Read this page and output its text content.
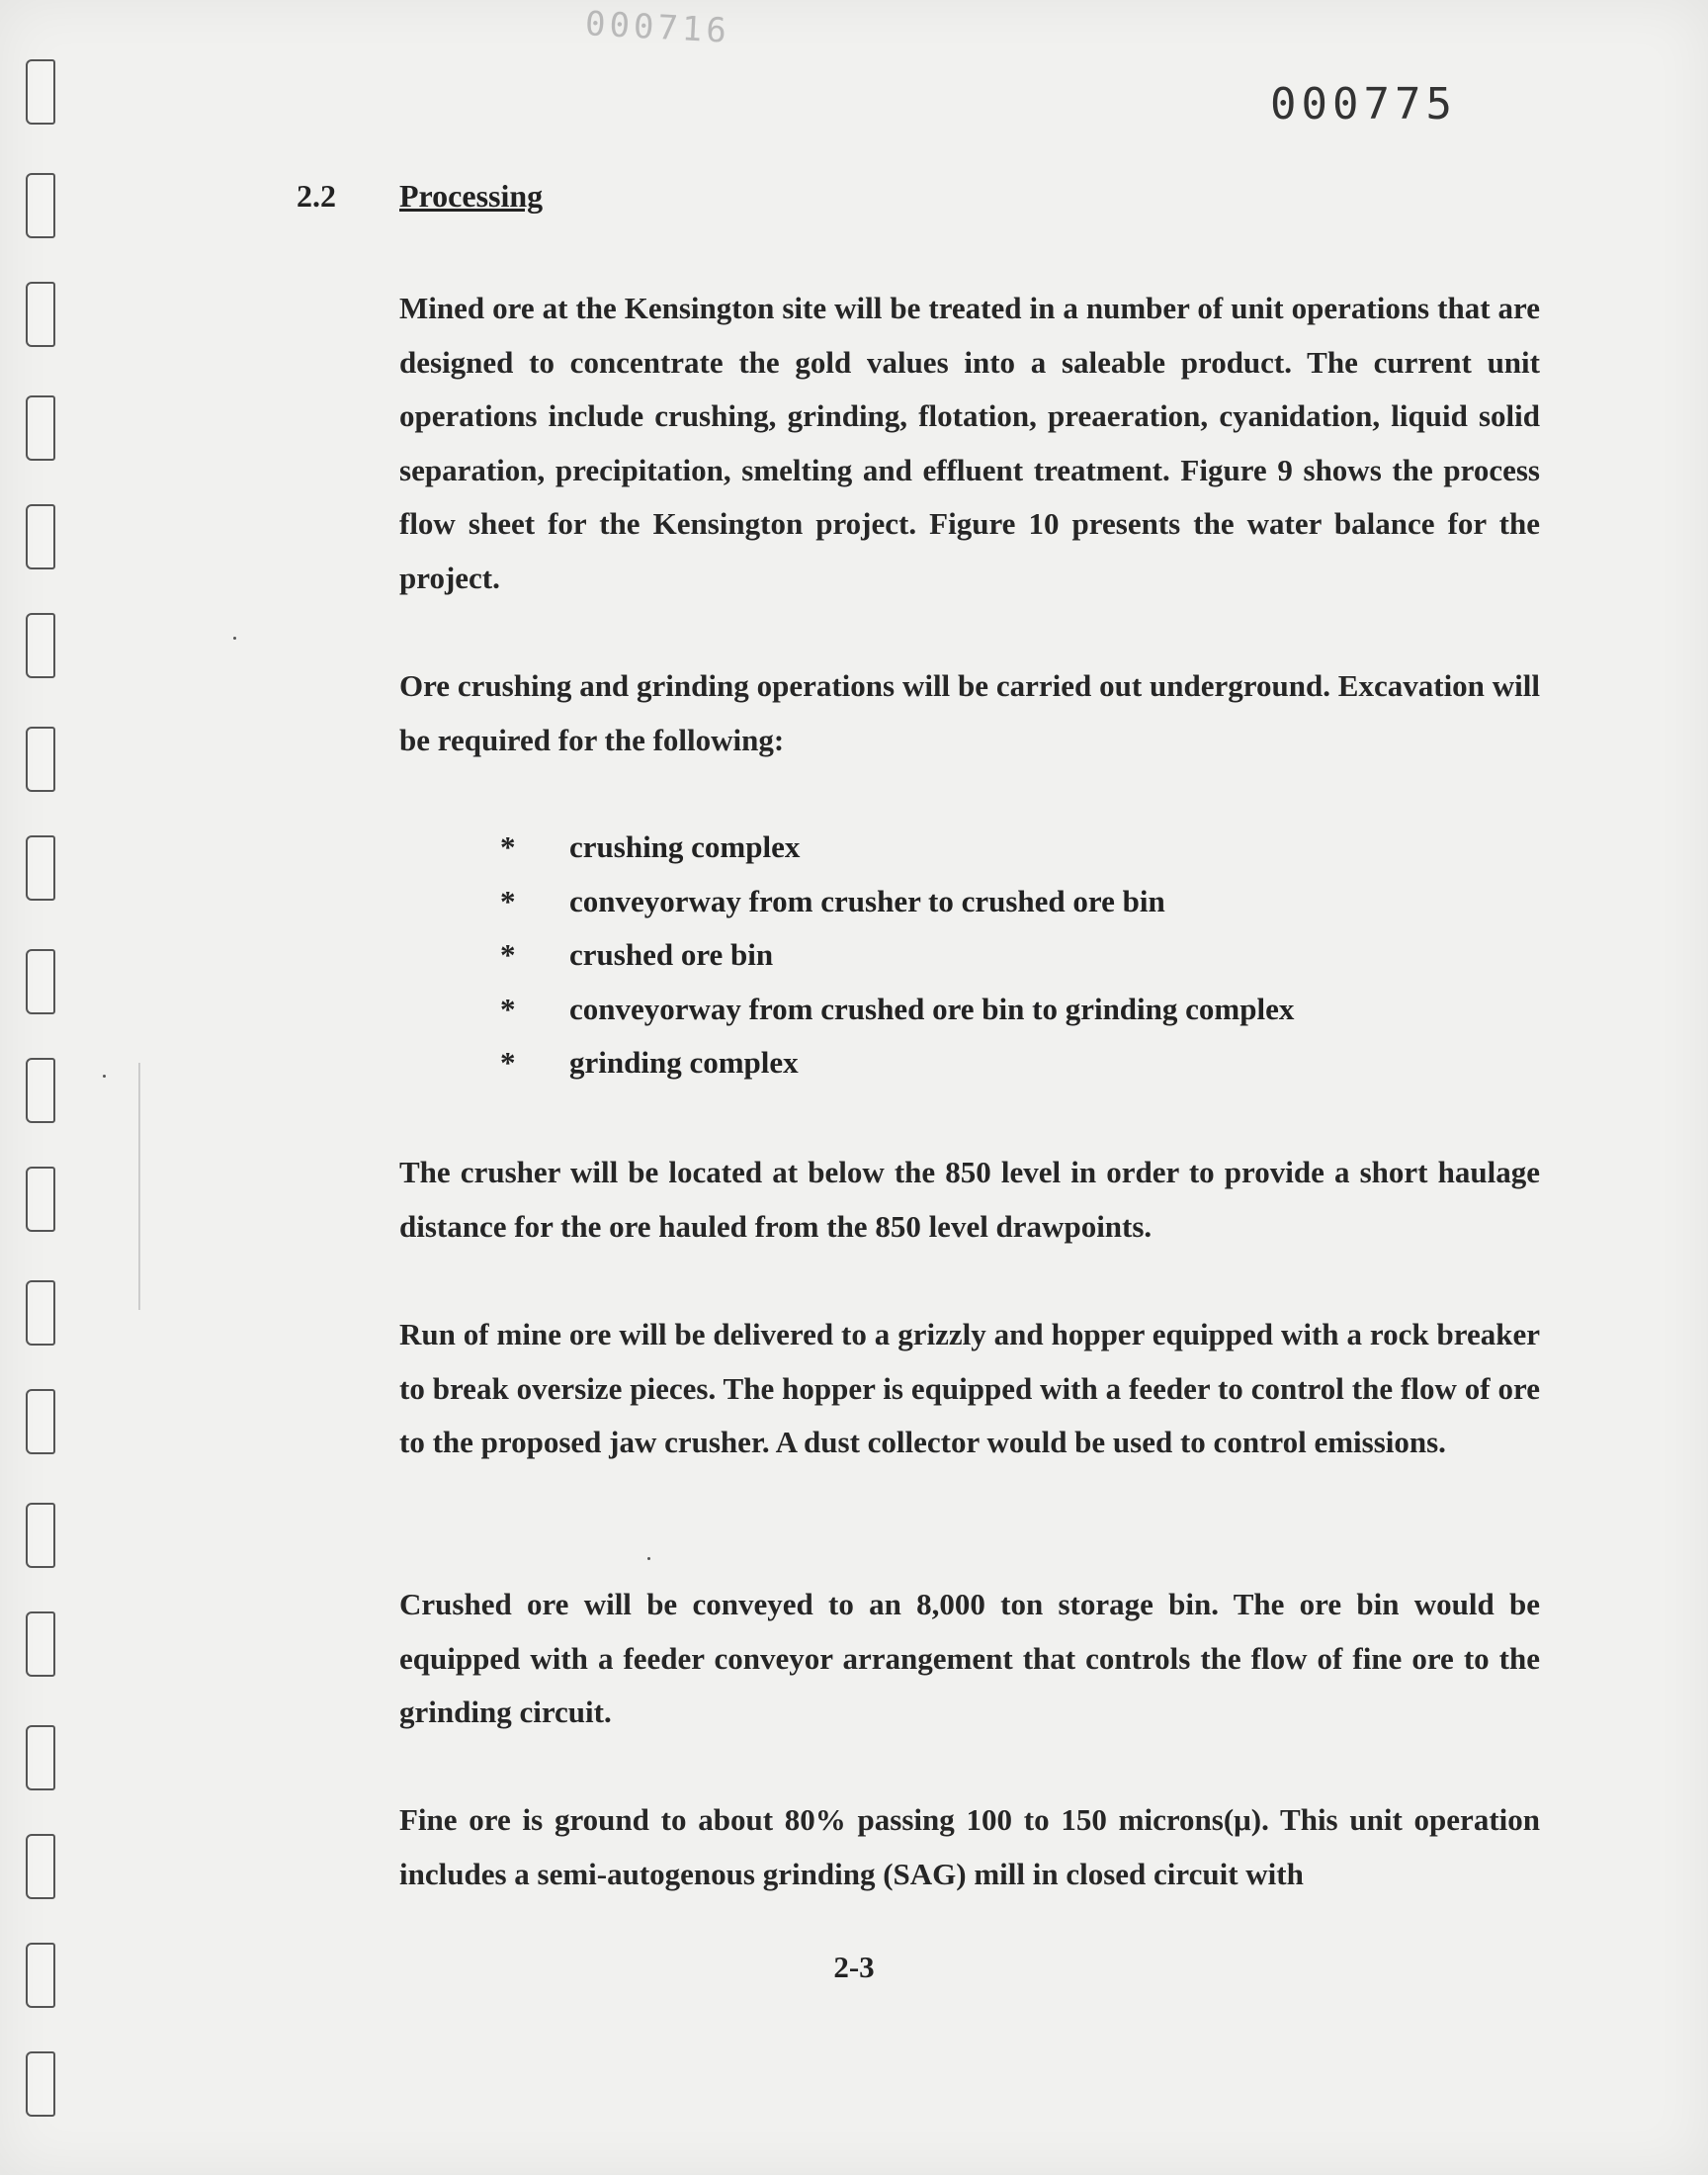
000716
000775
2.2 Processing
Mined ore at the Kensington site will be treated in a number of unit operations that are designed to concentrate the gold values into a saleable product. The current unit operations include crushing, grinding, flotation, preaeration, cyanidation, liquid solid separation, precipitation, smelting and effluent treatment. Figure 9 shows the process flow sheet for the Kensington project. Figure 10 presents the water balance for the project.
Ore crushing and grinding operations will be carried out underground. Excavation will be required for the following:
*	crushing complex
*	conveyorway from crusher to crushed ore bin
*	crushed ore bin
*	conveyorway from crushed ore bin to grinding complex
*	grinding complex
The crusher will be located at below the 850 level in order to provide a short haulage distance for the ore hauled from the 850 level drawpoints.
Run of mine ore will be delivered to a grizzly and hopper equipped with a rock breaker to break oversize pieces. The hopper is equipped with a feeder to control the flow of ore to the proposed jaw crusher. A dust collector would be used to control emissions.
Crushed ore will be conveyed to an 8,000 ton storage bin. The ore bin would be equipped with a feeder conveyor arrangement that controls the flow of fine ore to the grinding circuit.
Fine ore is ground to about 80% passing 100 to 150 microns(μ). This unit operation includes a semi-autogenous grinding (SAG) mill in closed circuit with
2-3
